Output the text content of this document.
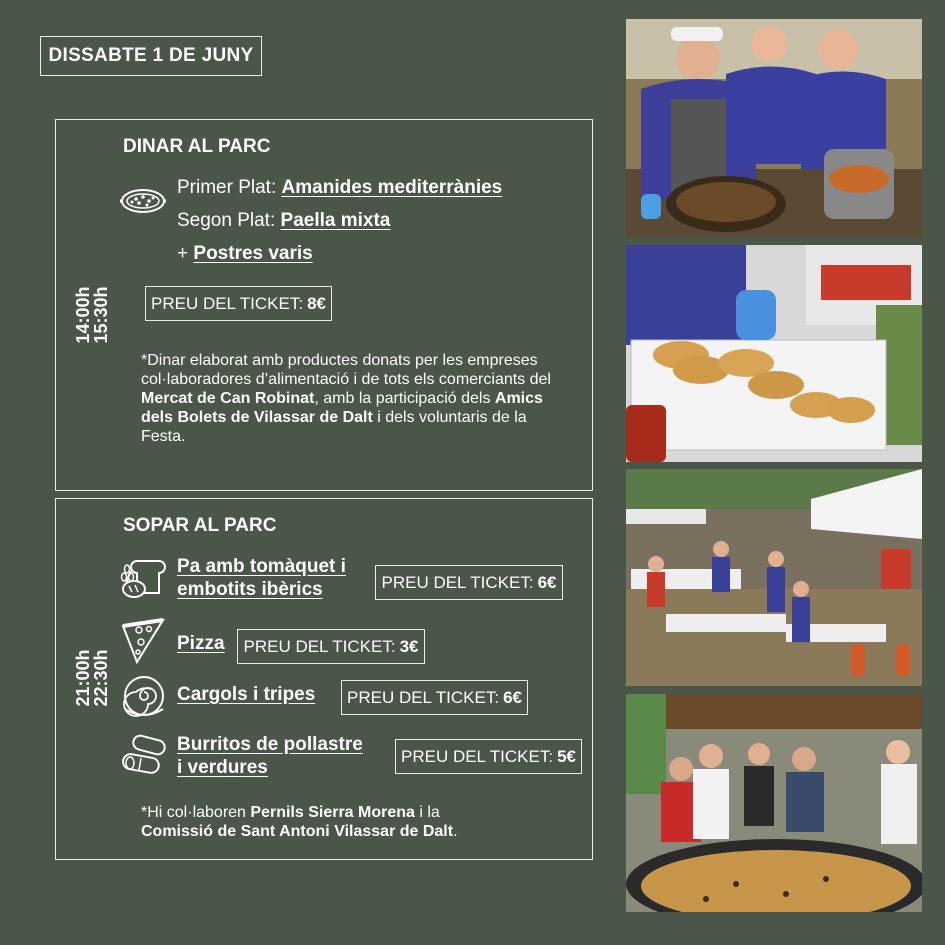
DISSABTE 1 DE JUNY
14:00h
15:30h
DINAR AL PARC
Primer Plat: Amanides mediterrànies
Segon Plat: Paella mixta
+ Postres varis
PREU DEL TICKET: 8€
*Dinar elaborat amb productes donats per les empreses col·laboradores d’alimentació i de tots els comerciants del Mercat de Can Robinat, amb la participació dels Amics dels Bolets de Vilassar de Dalt i dels voluntaris de la Festa.
21:00h
22:30h
SOPAR AL PARC
Pa amb tomàquet i
embotits ibèrics	PREU DEL TICKET: 6€
Pizza PREU DEL TICKET: 3€
Cargols i tripes PREU DEL TICKET: 6€
Burritos de pollastre
i verdures
PREU DEL TICKET: 5€
*Hi col·laboren Pernils Sierra Morena i la
Comissió de Sant Antoni Vilassar de Dalt.
